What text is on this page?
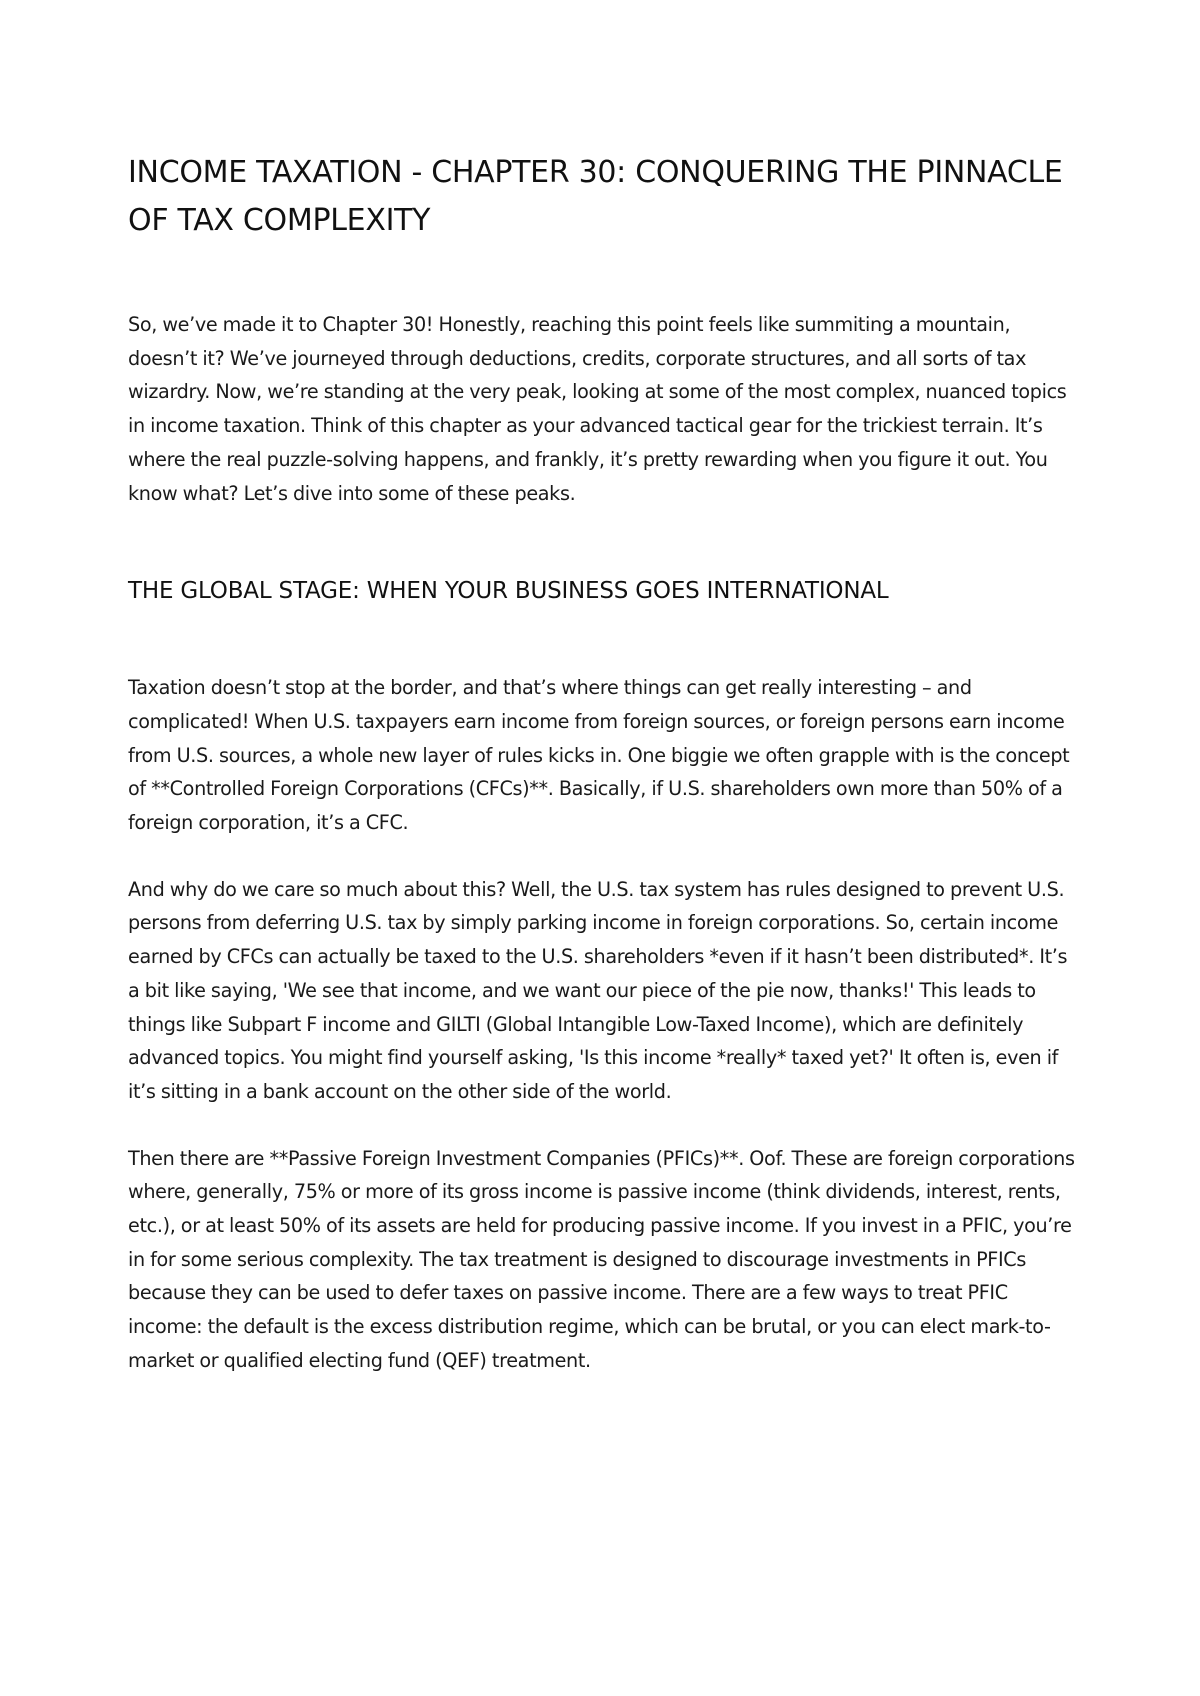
INCOME TAXATION - CHAPTER 30: CONQUERING THE PINNACLE OF TAX COMPLEXITY

So, we’ve made it to Chapter 30! Honestly, reaching this point feels like summiting a mountain, doesn’t it? We’ve journeyed through deductions, credits, corporate structures, and all sorts of tax wizardry. Now, we’re standing at the very peak, looking at some of the most complex, nuanced topics in income taxation. Think of this chapter as your advanced tactical gear for the trickiest terrain. It’s where the real puzzle-solving happens, and frankly, it’s pretty rewarding when you figure it out. You know what? Let’s dive into some of these peaks.

THE GLOBAL STAGE: WHEN YOUR BUSINESS GOES INTERNATIONAL

Taxation doesn’t stop at the border, and that’s where things can get really interesting – and complicated! When U.S. taxpayers earn income from foreign sources, or foreign persons earn income from U.S. sources, a whole new layer of rules kicks in. One biggie we often grapple with is the concept of **Controlled Foreign Corporations (CFCs)**. Basically, if U.S. shareholders own more than 50% of a foreign corporation, it’s a CFC.

And why do we care so much about this? Well, the U.S. tax system has rules designed to prevent U.S. persons from deferring U.S. tax by simply parking income in foreign corporations. So, certain income earned by CFCs can actually be taxed to the U.S. shareholders *even if it hasn’t been distributed*. It’s a bit like saying, 'We see that income, and we want our piece of the pie now, thanks!' This leads to things like Subpart F income and GILTI (Global Intangible Low-Taxed Income), which are definitely advanced topics. You might find yourself asking, 'Is this income *really* taxed yet?' It often is, even if it’s sitting in a bank account on the other side of the world.

Then there are **Passive Foreign Investment Companies (PFICs)**. Oof. These are foreign corporations where, generally, 75% or more of its gross income is passive income (think dividends, interest, rents, etc.), or at least 50% of its assets are held for producing passive income. If you invest in a PFIC, you’re in for some serious complexity. The tax treatment is designed to discourage investments in PFICs because they can be used to defer taxes on passive income. There are a few ways to treat PFIC income: the default is the excess distribution regime, which can be brutal, or you can elect mark-to-market or qualified electing fund (QEF) treatment.
